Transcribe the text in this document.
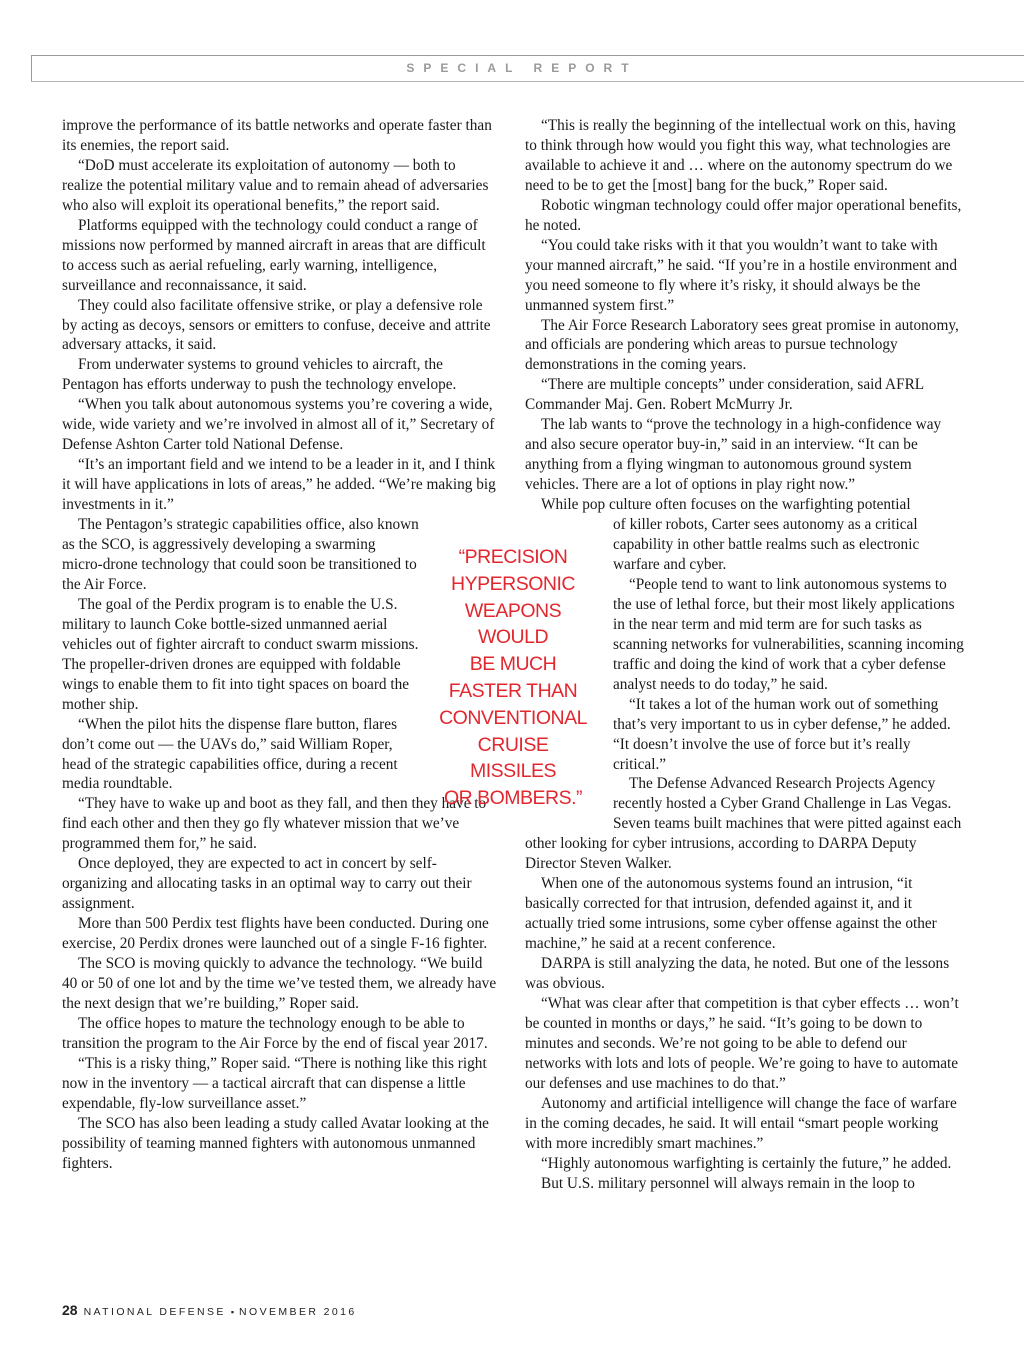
SPECIAL REPORT

improve the performance of its battle networks and operate faster than its enemies, the report said.

“DoD must accelerate its exploitation of autonomy — both to realize the potential military value and to remain ahead of adversaries who also will exploit its operational benefits,” the report said.

Platforms equipped with the technology could conduct a range of missions now performed by manned aircraft in areas that are difficult to access such as aerial refueling, early warning, intelligence, surveillance and reconnaissance, it said.

They could also facilitate offensive strike, or play a defensive role by acting as decoys, sensors or emitters to confuse, deceive and attrite adversary attacks, it said.

From underwater systems to ground vehicles to aircraft, the Pentagon has efforts underway to push the technology envelope.

“When you talk about autonomous systems you’re covering a wide, wide, wide variety and we’re involved in almost all of it,” Secretary of Defense Ashton Carter told National Defense.

“It’s an important field and we intend to be a leader in it, and I think it will have applications in lots of areas,” he added. “We’re making big investments in it.”

The Pentagon’s strategic capabilities office, also known as the SCO, is aggressively developing a swarming micro-drone technology that could soon be transitioned to the Air Force.

The goal of the Perdix program is to enable the U.S. military to launch Coke bottle-sized unmanned aerial vehicles out of fighter aircraft to conduct swarm missions. The propeller-driven drones are equipped with foldable wings to enable them to fit into tight spaces on board the mother ship.

“When the pilot hits the dispense flare button, flares don’t come out — the UAVs do,” said William Roper, head of the strategic capabilities office, during a recent media roundtable.

“They have to wake up and boot as they fall, and then they have to find each other and then they go fly whatever mission that we’ve programmed them for,” he said.

Once deployed, they are expected to act in concert by self-organizing and allocating tasks in an optimal way to carry out their assignment.

More than 500 Perdix test flights have been conducted. During one exercise, 20 Perdix drones were launched out of a single F-16 fighter.

The SCO is moving quickly to advance the technology. “We build 40 or 50 of one lot and by the time we’ve tested them, we already have the next design that we’re building,” Roper said.

The office hopes to mature the technology enough to be able to transition the program to the Air Force by the end of fiscal year 2017.

“This is a risky thing,” Roper said. “There is nothing like this right now in the inventory — a tactical aircraft that can dispense a little expendable, fly-low surveillance asset.”

The SCO has also been leading a study called Avatar looking at the possibility of teaming manned fighters with autonomous unmanned fighters.

“This is really the beginning of the intellectual work on this, having to think through how would you fight this way, what technologies are available to achieve it and … where on the autonomy spectrum do we need to be to get the [most] bang for the buck,” Roper said.

Robotic wingman technology could offer major operational benefits, he noted.

“You could take risks with it that you wouldn’t want to take with your manned aircraft,” he said. “If you’re in a hostile environment and you need someone to fly where it’s risky, it should always be the unmanned system first.”

The Air Force Research Laboratory sees great promise in autonomy, and officials are pondering which areas to pursue technology demonstrations in the coming years.

“There are multiple concepts” under consideration, said AFRL Commander Maj. Gen. Robert McMurry Jr.

The lab wants to “prove the technology in a high-confidence way and also secure operator buy-in,” said in an interview. “It can be anything from a flying wingman to autonomous ground system vehicles. There are a lot of options in play right now.”

While pop culture often focuses on the warfighting potential

of killer robots, Carter sees autonomy as a critical capability in other battle realms such as electronic warfare and cyber.

“People tend to want to link autonomous systems to the use of lethal force, but their most likely applications in the near term and mid term are for such tasks as scanning networks for vulnerabilities, scanning incoming traffic and doing the kind of work that a cyber defense analyst needs to do today,” he said.

“It takes a lot of the human work out of something that’s very important to us in cyber defense,” he added. “It doesn’t involve the use of force but it’s really critical.”

The Defense Advanced Research Projects Agency recently hosted a Cyber Grand Challenge in Las Vegas. Seven teams built machines that were pitted against each other looking for cyber intrusions, according to DARPA Deputy Director Steven Walker.

When one of the autonomous systems found an intrusion, “it basically corrected for that intrusion, defended against it, and it actually tried some intrusions, some cyber offense against the other machine,” he said at a recent conference.

DARPA is still analyzing the data, he noted. But one of the lessons was obvious.

“What was clear after that competition is that cyber effects … won’t be counted in months or days,” he said. “It’s going to be down to minutes and seconds. We’re not going to be able to defend our networks with lots and lots of people. We’re going to have to automate our defenses and use machines to do that.”

Autonomy and artificial intelligence will change the face of warfare in the coming decades, he said. It will entail “smart people working with more incredibly smart machines.”

“Highly autonomous warfighting is certainly the future,” he added.

But U.S. military personnel will always remain in the loop to

“PRECISION
HYPERSONIC
WEAPONS
WOULD
BE MUCH
FASTER THAN
CONVENTIONAL
CRUISE
MISSILES
OR BOMBERS.”
28 NATIONAL DEFENSE ▪ NOVEMBER 2016
